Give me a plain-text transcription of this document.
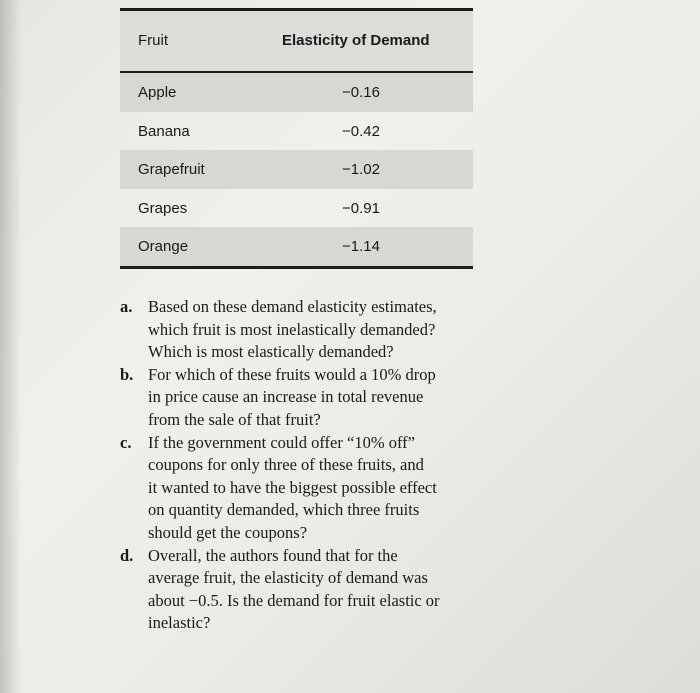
Fruit	Elasticity of Demand
Apple	−0.16
Banana	−0.42
Grapefruit	−1.02
Grapes	−0.91
Orange	−1.14
a. Based on these demand elasticity estimates,
which fruit is most inelastically demanded?
Which is most elastically demanded?
b. For which of these fruits would a 10% drop
in price cause an increase in total revenue
from the sale of that fruit?
c. If the government could offer “10% off”
coupons for only three of these fruits, and
it wanted to have the biggest possible effect
on quantity demanded, which three fruits
should get the coupons?
d. Overall, the authors found that for the
average fruit, the elasticity of demand was
about −0.5. Is the demand for fruit elastic or
inelastic?
